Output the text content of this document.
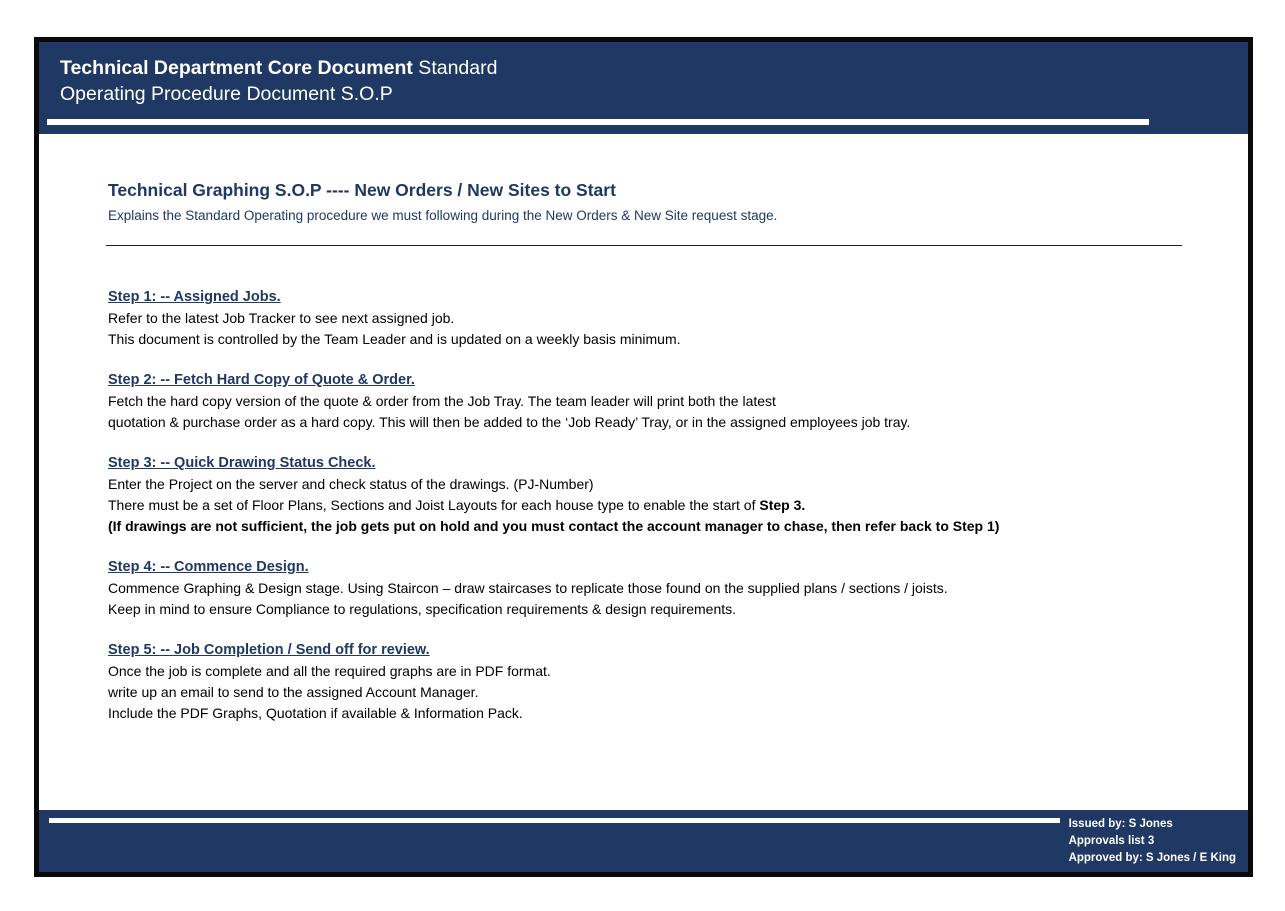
Technical Department Core Document Standard
Operating Procedure Document S.O.P
Technical Graphing S.O.P ---- New Orders / New Sites to Start
Explains the Standard Operating procedure we must following during the New Orders & New Site request stage.

Step 1: -- Assigned Jobs.

Refer to the latest Job Tracker to see next assigned job.

This document is controlled by the Team Leader and is updated on a weekly basis minimum.

Step 2: -- Fetch Hard Copy of Quote & Order.

Fetch the hard copy version of the quote & order from the Job Tray. The team leader will print both the latest

quotation & purchase order as a hard copy. This will then be added to the ‘Job Ready’ Tray, or in the assigned employees job tray.

Step 3: -- Quick Drawing Status Check.

Enter the Project on the server and check status of the drawings. (PJ-Number)

There must be a set of Floor Plans, Sections and Joist Layouts for each house type to enable the start of Step 3.

(If drawings are not sufficient, the job gets put on hold and you must contact the account manager to chase, then refer back to Step 1)

Step 4: -- Commence Design.

Commence Graphing & Design stage. Using Staircon – draw staircases to replicate those found on the supplied plans / sections / joists.

Keep in mind to ensure Compliance to regulations, specification requirements & design requirements.

Step 5: -- Job Completion / Send off for review.

Once the job is complete and all the required graphs are in PDF format.

write up an email to send to the assigned Account Manager.

Include the PDF Graphs, Quotation if available & Information Pack.

Issued by: S Jones
Approvals list 3
Approved by: S Jones / E King
